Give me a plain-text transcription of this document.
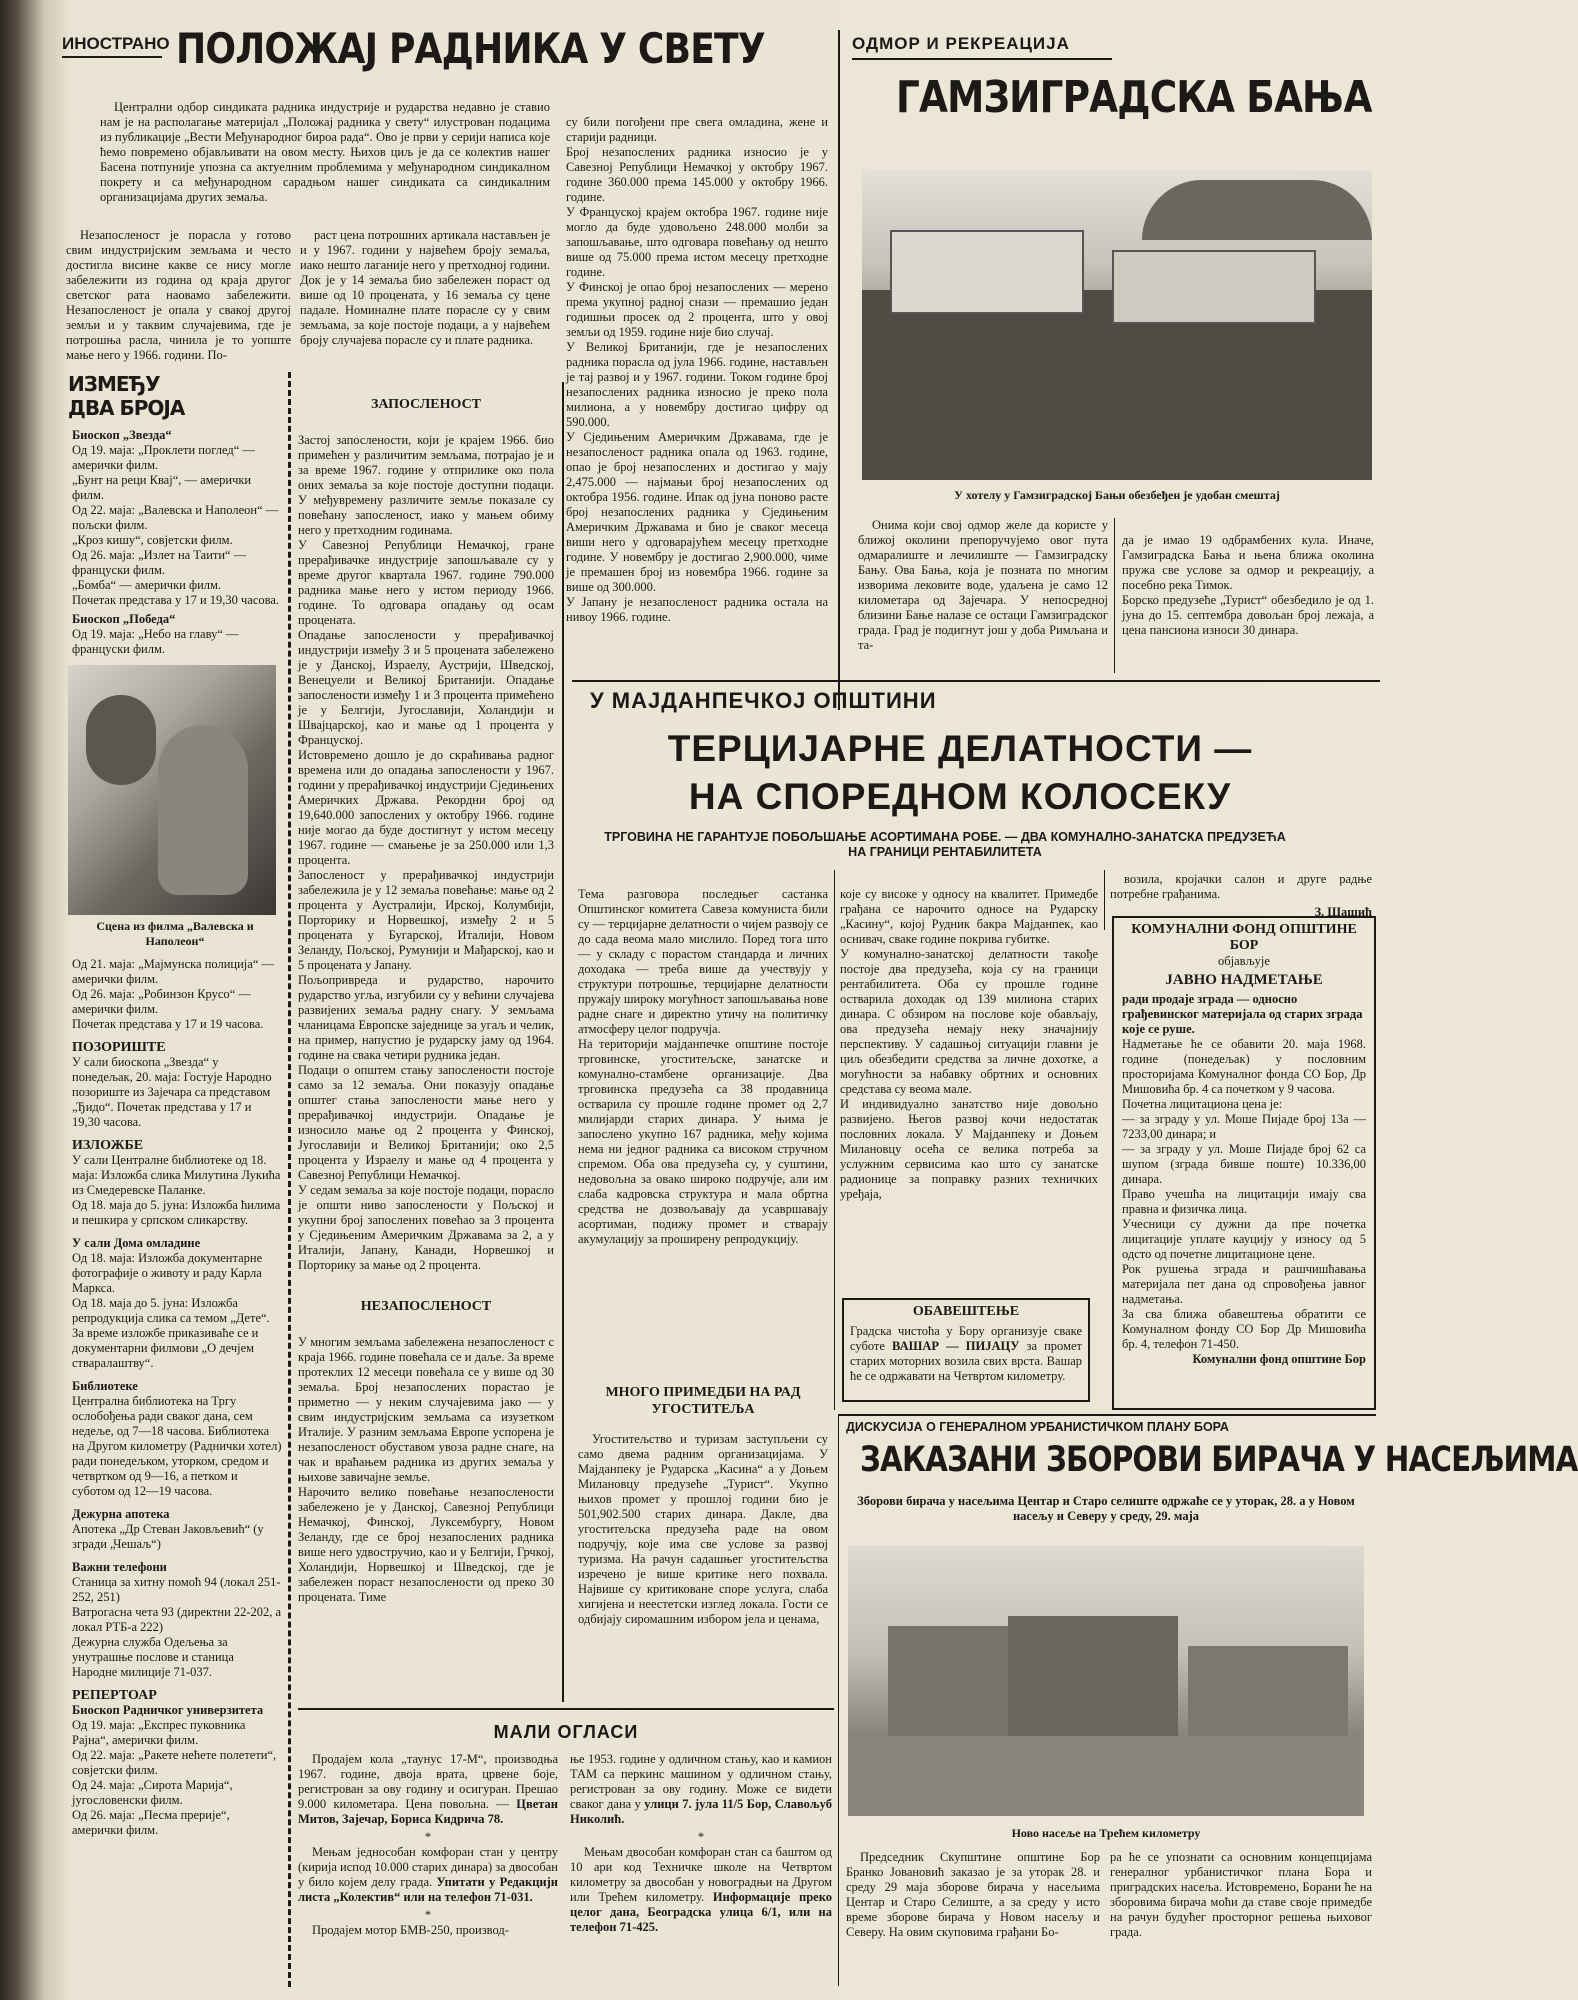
ИНОСТРАНО ПОЛОЖАЈ РАДНИКА У СВЕТУ

Централни одбор синдиката радника индустрије и рударства недавно је ставио нам је на располагање материјал „Положај радника у свету“ илустрован подацима из публикације „Вести Међународног бирoa рада“. Ово је први у серији написа које ћемо повремено објављивати на овом месту. Њихов циљ је да се колектив нашег Басена потпуније упозна са актуелним проблемима у међународном синдикалном покрету и са међународном сарадњом нашег синдиката са синдикалним организацијама других земаља.

Незапосленост је порасла у готово свим индустријским земљама и често достигла висине какве се нису могле забележити из година од краја другог светског рата наовамо забележити. Незапосленост је опала у свакој другој земљи и у таквим случајевима, где је потрошња расла, чинила је то уопште мање него у 1966. години. По-

раст цена потрошних артикала настављен је и у 1967. години у највећем броју земаља, иако нешто лаганије него у претходној години. Док је у 14 земаља био забележен пораст од више од 10 процената, у 16 земаља су цене падале. Номиналне плате порасле су у свим земљама, за које постоје подаци, а у највећем броју случајева порасле су и плате радника.

су били погођени пре свега омладина, жене и старији радници.
Број незапослених радника износио је у Савезној Републици Немачкој у октобру 1967. године 360.000 према 145.000 у октобру 1966. године.
У Француској крајем октобра 1967. године није могло да буде удовољено 248.000 молби за запошљавање, што одговара повећању од нешто више од 75.000 према истом месецу претходне године.
У Финској је опао број незапослених — мерено према укупној радној снази — премашио један годишњи просек од 2 процента, што у овој земљи од 1959. године није био случај.
У Великој Британији, где је незапослених радника порасла од јула 1966. године, настављен је тај развој и у 1967. години. Током године број незапослених радника износио је преко пола милиона, а у новембру достигао цифру од 590.000.
У Сједињеним Америчким Државама, где је незапосленост радника опала од 1963. године, опао је број незапослених и достигао у мају 2,475.000 — најмањи број незапослених од октобра 1956. године. Ипак од јуна поново расте број незапослених радника у Сједињеним Америчким Државама и био је сваког месеца виши него у одговарајућем месецу претходне године. У новембру је достигао 2,900.000, чиме је премашен број из новембра 1966. године за више од 300.000.
У Јапану је незапосленост радника остала на нивоу 1966. године.

ИЗМЕЂУ
ДВА БРОЈА
Биоскоп „Звезда“
Од 19. маја: „Проклети поглед“ — амерички филм.
„Бунт на реци Квај“, — амерички филм.
Од 22. маја: „Валевска и Наполеон“ — пољски филм.
„Кроз кишу“, совјетски филм.
Од 26. маја: „Излет на Таити“ — француски филм.
„Бомба“ — амерички филм.
Почетак представа у 17 и 19,30 часова.
Биоскоп „Победа“
Од 19. маја: „Небо на главу“ — француски филм.
Сцена из филма „Валевска и Наполеон“
Од 21. маја: „Мајмунска полиција“ — амерички филм.
Од 26. маја: „Робинзон Крусо“ — амерички филм.
Почетак представа у 17 и 19 часова.
ПОЗОРИШТЕ
У сали биоскопа „Звезда“ у понедељак, 20. маја: Гостује Народно позориште из Зајечара са представом „Ђидо“. Почетак представа у 17 и 19,30 часова.
ИЗЛОЖБЕ
У сали Централне библиотеке од 18. маја: Изложба слика Милутина Лукића из Смедеревске Паланке.
Од 18. маја до 5. јуна: Изложба ћилима и пешкира у српском сликарству.
У сали Дома омладине
Од 18. маја: Изложба документарне фотографије о животу и раду Карла Маркса.
Од 18. маја до 5. јуна: Изложба репродукција слика са темом „Дете“. За време изложбе приказиваће се и документарни филмови „О дечјем стваралаштву“.
Библиотеке
Централна библиотека на Тргу ослобођења ради сваког дана, сем недеље, од 7—18 часова. Библиотека на Другом километру (Раднички хотел) ради понедељком, уторком, средом и четвртком од 9—16, а петком и суботом од 12—19 часова.
Дежурна апотека
Апотека „Др Стеван Јаковљевић“ (у згради „Чешаљ“)
Важни телефони
Станица за хитну помоћ 94 (локал 251-252, 251)
Ватрогасна чета 93 (директни 22-202, а локал РТБ-а 222)
Дежурна служба Одељења за унутрашње послове и станица Народне милиције 71-037.
РЕПЕРТОАР
Биоскоп Радничког универзитета
Од 19. маја: „Експрес пуковника Рајна“, амерички филм.
Од 22. маја: „Ракете нећете полетети“, совјетски филм.
Од 24. маја: „Сирота Марија“, југословенски филм.
Од 26. маја: „Песма прерије“, амерички филм.

ЗАПОСЛЕНОСТ

Застој запослености, који је крајем 1966. био примећен у различитим земљама, потрајао је и за време 1967. године у отприлике око пола оних земаља за које постоје доступни подаци. У међувремену различите земље показале су повећану запосленост, иако у мањем обиму него у претходним годинама.
У Савезној Републици Немачкој, гране прерађивачке индустрије запошљавале су у време другог квартала 1967. године 790.000 радника мање него у истом периоду 1966. године. То одговара опадању од осам процената.
Опадање запослености у прерађивачкој индустрији између 3 и 5 процената забележено је у Данској, Израелу, Аустрији, Шведској, Венецуели и Великој Британији. Опадање запослености између 1 и 3 процента примећено је у Белгији, Југославији, Холандији и Швајцарској, као и мање од 1 процента у Француској.
Истовремено дошло је до скраћивања радног времена или до опадања запослености у 1967. години у прерађивачкој индустрији Сједињених Америчких Држава. Рекордни број од 19,640.000 запослених у октобру 1966. године није могао да буде достигнут у истом месецу 1967. године — смањење је за 250.000 или 1,3 процента.
Запосленост у прерађивачкој индустрији забележила је у 12 земаља повећање: мање од 2 процента у Аустралији, Ирској, Колумбији, Порторику и Норвешкој, између 2 и 5 процената у Бугарској, Италији, Новом Зеланду, Пољској, Румунији и Мађарској, као и 5 процената у Јапану.
Пољопривреда и рударство, нарочито рударство угља, изгубили су у већини случајева развијених земаља радну снагу. У земљама чланицама Европске заједнице за угаљ и челик, на пример, напустио је рударску јаму од 1964. године на свака четири рудника један.
Подаци о општем стању запослености постоје само за 12 земаља. Они показују опадање општег стања запослености мање него у прерађивачкој индустрији. Опадање је износило мање од 2 процента у Финској, Југославији и Великој Британији; око 2,5 процента у Израелу и мање од 4 процента у Савезној Републици Немачкој.
У седам земаља за које постоје подаци, порасло је општи ниво запослености у Пољској и укупни број запослених повећао за 3 процента у Сједињеним Америчким Државама за 2, а у Италији, Јапану, Канади, Норвешкој и Порторику за мање од 2 процента.

НЕЗАПОСЛЕНОСТ

У многим земљама забележена незапосленост с краја 1966. године повећала се и даље. За време протеклих 12 месеци повећала се у више од 30 земаља. Број незапослених порастао је приметно — у неким случајевима јако — у свим индустријским земљама са изузетком Италије. У разним земљама Европе успорена је незапосленост обуставом увоза радне снаге, на чак и враћањем радника из других земаља у њихове завичајне земље.
Нарочито велико повећање незапослености забележено је у Данској, Савезној Републици Немачкој, Финској, Луксембургу, Новом Зеланду, где се број незапослених радника више него удвостручио, као и у Белгији, Грчкој, Холандији, Норвешкој и Шведској, где је забележен пораст незапослености од преко 30 процената. Тиме

ОДМОР И РЕКРЕАЦИЈА
ГАМЗИГРАДСКА БАЊА
У хотелу у Гамзиградској Бањи обезбеђен је удобан смештај

Онима који свој одмор желе да користе у ближој околини препоручујемо овог пута одмаралиште и лечилиште — Гамзиградску Бању. Ова Бања, која је позната по многим изворима лековите воде, удаљена је само 12 километара од Зајечара. У непосредној близини Бање налазе се остаци Гамзиградског града. Град је подигнут још у доба Римљана и та-

да је имао 19 одбрамбених кула. Иначе, Гамзиградска Бања и њена ближа околина пружа све услове за одмор и рекреацију, а посебно река Тимок.
Борско предузеће „Турист“ обезбедило је од 1. јуна до 15. септембра довољан број лежаја, а цена пансиона износи 30 динара.

У МАЈДАНПЕЧКОЈ ОПШТИНИ
ТЕРЦИЈАРНЕ ДЕЛАТНОСТИ —
НА СПОРЕДНОМ КОЛОСЕКУ
ТРГОВИНА НЕ ГАРАНТУЈЕ ПОБОЉШАЊЕ АСОРТИМАНА РОБЕ. — ДВА КОМУНАЛНО-ЗАНАТСКА ПРЕДУЗЕЋА НА ГРАНИЦИ РЕНТАБИЛИТЕТА

Тема разговора последњег састанка Општинског комитета Савеза комуниста били су — терцијарне делатности о чијем развоју се до сада веома мало мислило. Поред тога што — у складу с порастом стандарда и личних доходака — треба више да учествују у структури потрошње, терцијарне делатности пружају широку могућност запошљавања нове радне снаге и директно утичу на политичку атмосферу целог подручја.
На територији мајданпечке општине постоје трговинске, угоститељске, занатске и комунално-стамбене организације. Два трговинска предузећа са 38 продавница остварила су прошле године промет од 2,7 милијарди старих динара. У њима је запослено укупно 167 радника, међу којима нема ни једног радника са високом стручном спремом. Оба ова предузећа су, у суштини, недовољна за овако широко подручје, али им слаба кадровска структура и мала обртна средства не дозвољавају да усавршавају асортиман, подижу промет и стварају акумулацију за проширену репродукцију.

МНОГО ПРИМЕДБИ НА РАД УГОСТИТЕЉА

Угоститељство и туризам заступљени су само двема радним организацијама. У Мајданпеку је Рударска „Касина“ а у Доњем Милановцу предузеће „Турист“. Укупно њихов промет у прошлој години био је 501,902.500 старих динара. Дакле, два угоститељска предузећа раде на овом подручју, које има све услове за развој туризма. На рачун садашњег угоститељства изречено је више критике него похвала. Највише су критиковане споре услуга, слаба хигијена и неестетски изглед локала. Гости се одбијају сиромашним избором јела и ценама,

које су високе у односу на квалитет. Примедбе грађана се нарочито односе на Рударску „Касину“, којој Рудник бакра Мајданпек, као оснивач, сваке године покрива губитке.
У комунално-занатској делатности такође постоје два предузећа, која су на граници рентабилитета. Оба су прошле године остварила доходак од 139 милиона старих динара. С обзиром на послове које обављају, ова предузећа немају неку значајнију перспективу. У садашњој ситуацији главни је циљ обезбедити средства за личне дохотке, а могућности за набавку обртних и основних средстава су веома мале.
И индивидуално занатство није довољно развијено. Његов развој кочи недостатак пословних локала. У Мајданпеку и Доњем Милановцу осећа се велика потреба за услужним сервисима као што су занатске радионице за поправку разних техничких уређаја,

возила, кројачки салон и друге радње потребне грађанима.

З. Шашић
ОБАВЕШТЕЊЕ
Градска чистоћа у Бору организује сваке суботе ВАШАР — ПИЈАЦУ за промет старих моторних возила свих врста. Вашар ће се одржавати на Четвртом километру.
КОМУНАЛНИ ФОНД ОПШТИНЕ БОР
објављује
ЈАВНО НАДМЕТАЊЕ
ради продаје зграда — односно грађевинског материјала од старих зграда које се руше.
Надметање ће се обавити 20. маја 1968. године (понедељак) у пословним просторијама Комуналног фонда СО Бор, Др Мишовића бр. 4 са почетком у 9 часова.
Почетна лицитациона цена је:
— за зграду у ул. Моше Пијаде број 13а — 7233,00 динара; и
— за зграду у ул. Моше Пијаде број 62 са шупом (зграда бивше поште) 10.336,00 динара.
Право учешћа на лицитацији имају сва правна и физичка лица.
Учесници су дужни да пре почетка лицитације уплате кауцију у износу од 5 одсто од почетне лицитационе цене.
Рок рушења зграда и рашчишћавања материјала пет дана од спровођења јавног надметања.
За сва ближа обавештења обратити се Комуналном фонду СО Бор Др Мишовића бр. 4, телефон 71-450.
Комунални фонд општине Бор
ДИСКУСИЈА О ГЕНЕРАЛНОМ УРБАНИСТИЧКОМ ПЛАНУ БОРА
ЗАКАЗАНИ ЗБОРОВИ БИРАЧА У НАСЕЉИМА
Зборови бирача у насељима Центар и Старо селиште одржаће се у уторак, 28. а у Новом насељу и Северу у среду, 29. маја
Ново насеље на Трећем километру

Председник Скупштине општине Бор Бранко Јовановић заказао је за уторак 28. и среду 29 маја зборове бирача у насељима Центар и Старо Селиште, а за среду у исто време зборове бирача у Новом насељу и Северу. На овим скуповима грађани Бо-

ра ће се упознати са основним концепцијама генералног урбанистичког плана Бора и приградских насеља. Истовремено, Борани ће на зборовима бирача моћи да ставе своје примедбе на рачун будућег просторног решења њиховог града.

МАЛИ ОГЛАСИ

Продајем кола „таунус 17-М“, производња 1967. године, двоја врата, црвене боје, регистрован за ову годину и осигуран. Прешао 9.000 километара. Цена повољна. — Цветан Митов, Зајечар, Бориса Кидрича 78.

*

Мењам једнособан комфоран стан у центру (кирија испод 10.000 старих динара) за двособан у било којем делу града. Упитати у Редакцији листа „Колектив“ или на телефон 71-031.

*

Продајем мотор БМВ-250, производ-

ње 1953. године у одличном стању, као и камион ТАМ са перкинс машином у одличном стању, регистрован за ову годину. Може се видети сваког дана у улици 7. јула 11/5 Бор, Славољуб Николић.

*

Мењам двособан комфоран стан са баштом од 10 ари код Техничке школе на Четвртом километру за двособан у новоградњи на Другом или Трећем километру. Информације преко целог дана, Београдска улица 6/1, или на телефон 71-425.
